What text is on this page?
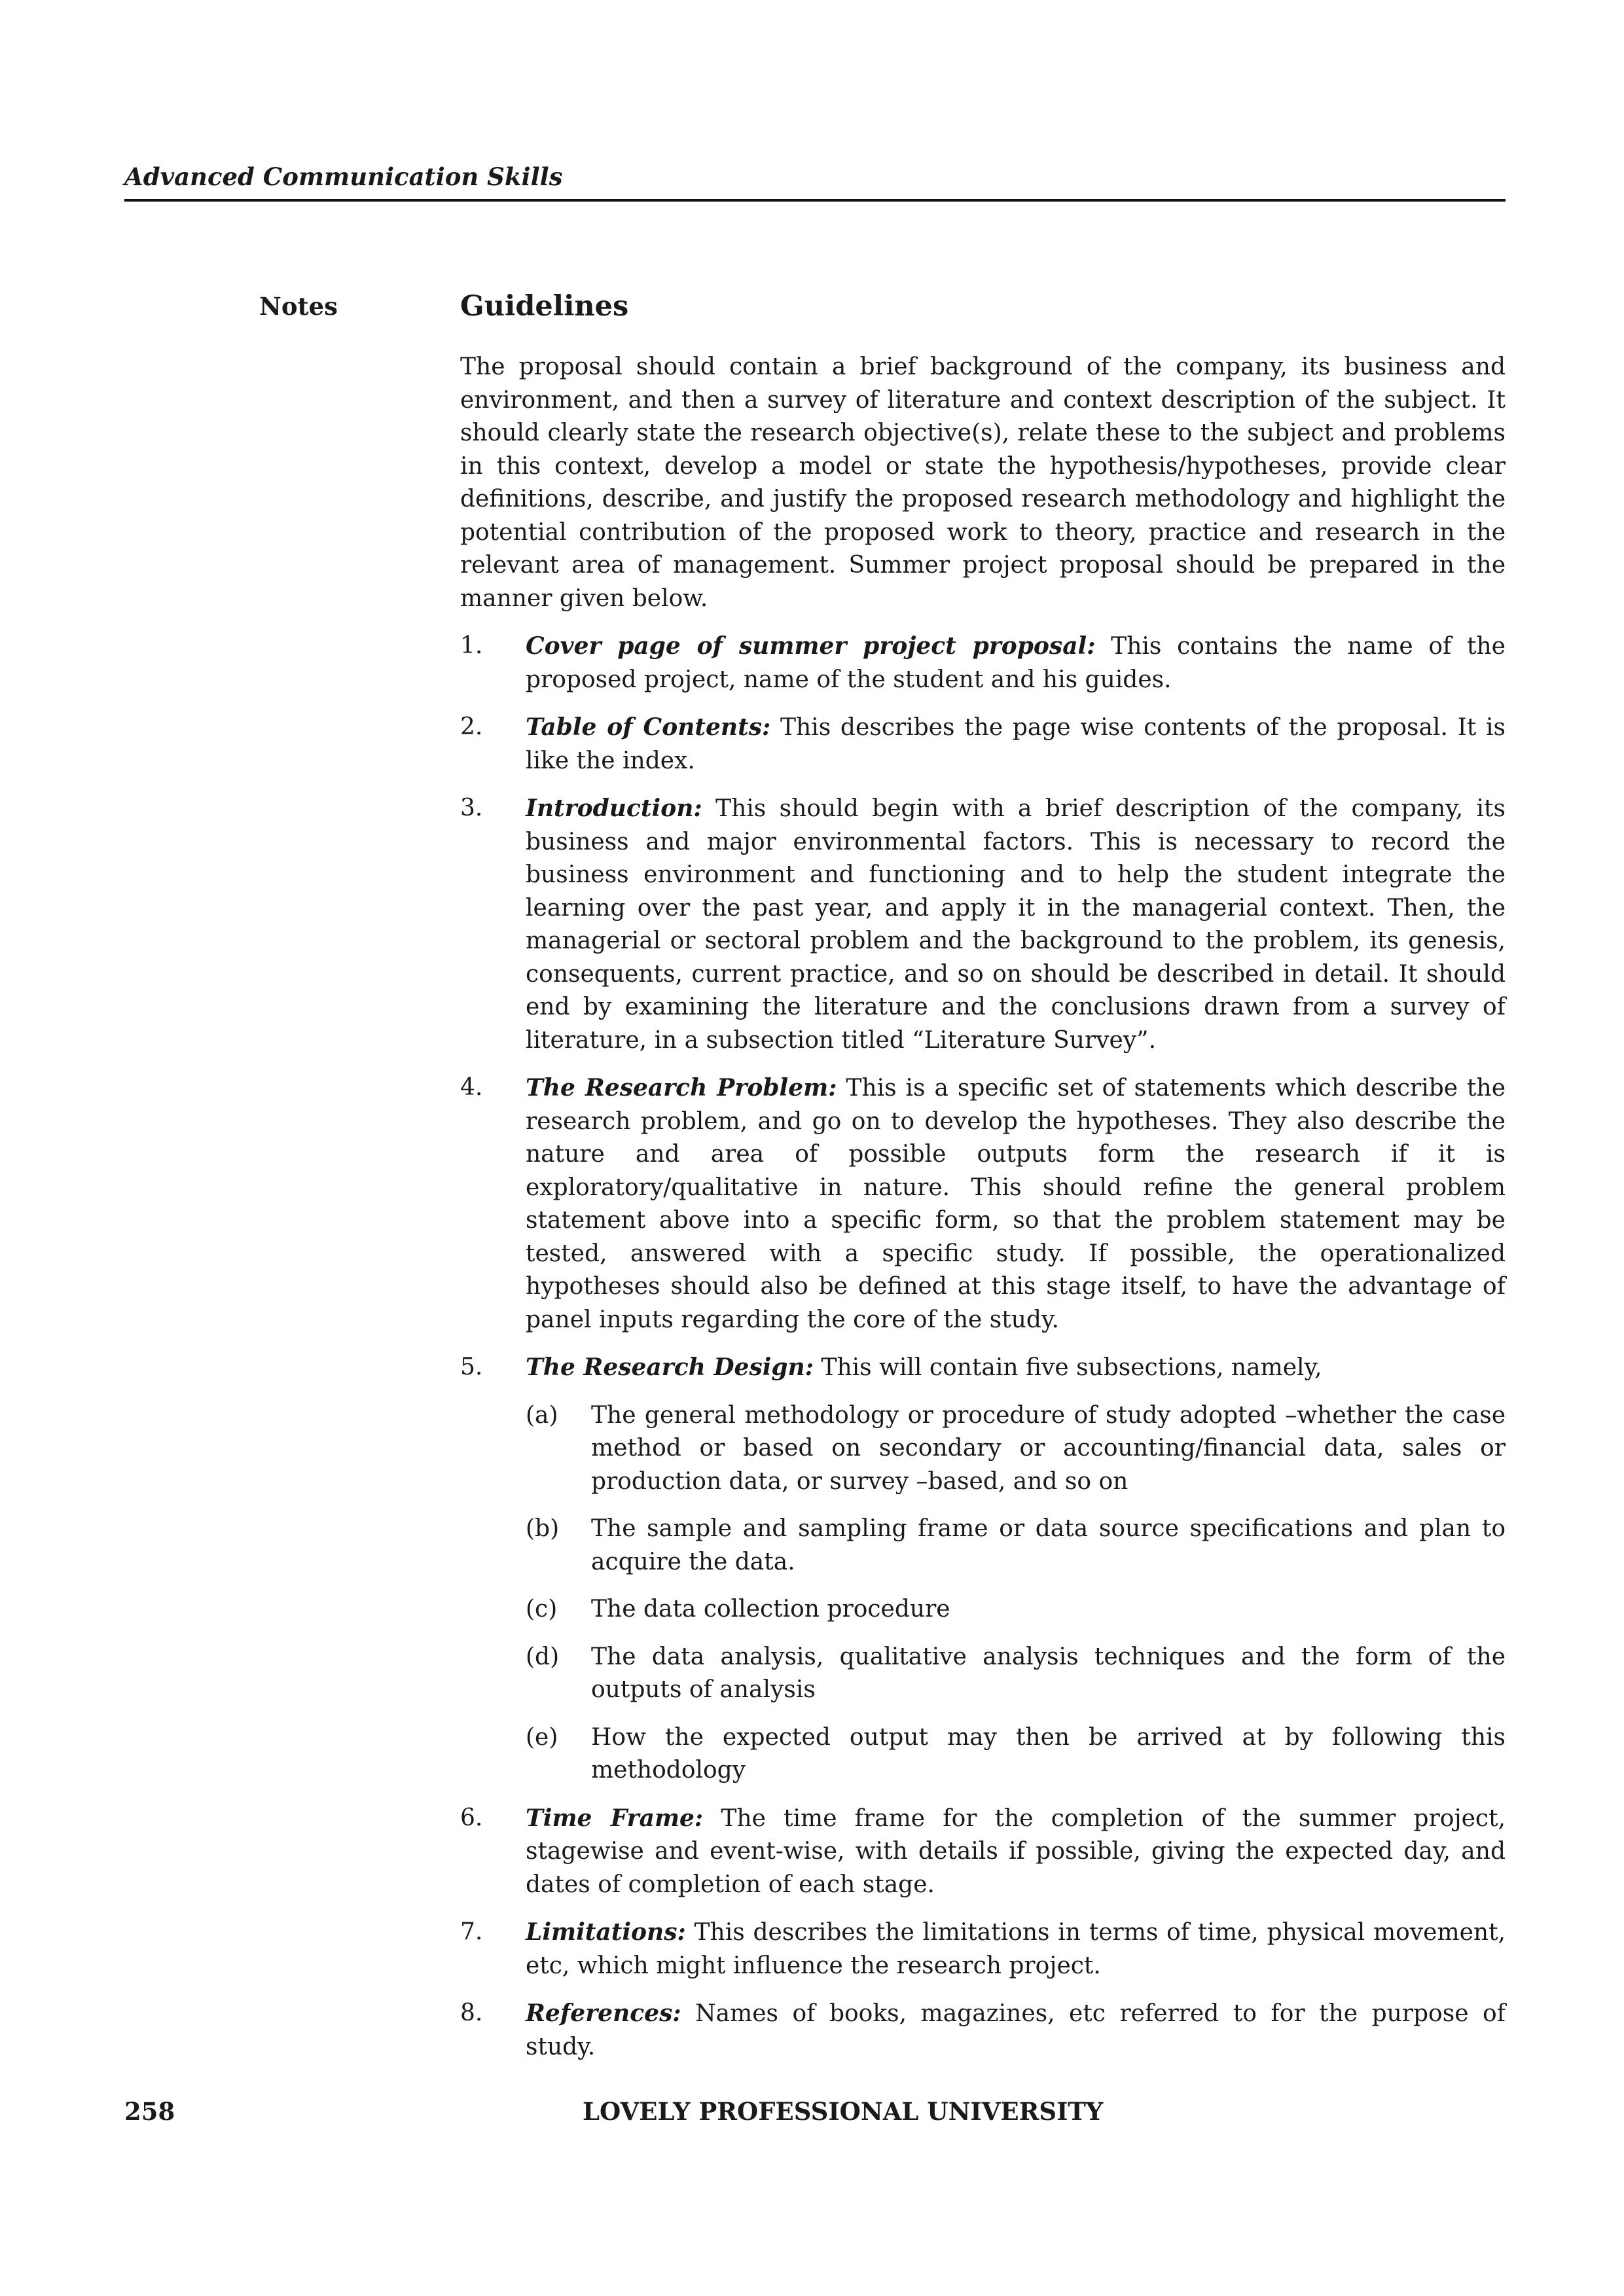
Advanced Communication Skills
Notes	Guidelines

The proposal should contain a brief background of the company, its business and environment, and then a survey of literature and context description of the subject. It should clearly state the research objective(s), relate these to the subject and problems in this context, develop a model or state the hypothesis/hypotheses, provide clear definitions, describe, and justify the proposed research methodology and highlight the potential contribution of the proposed work to theory, practice and research in the relevant area of management. Summer project proposal should be prepared in the manner given below.

1.	Cover page of summer project proposal: This contains the name of the proposed project, name of the student and his guides.
2.	Table of Contents: This describes the page wise contents of the proposal. It is like the index.
3.	Introduction: This should begin with a brief description of the company, its business and major environmental factors. This is necessary to record the business environment and functioning and to help the student integrate the learning over the past year, and apply it in the managerial context. Then, the managerial or sectoral problem and the background to the problem, its genesis, consequents, current practice, and so on should be described in detail. It should end by examining the literature and the conclusions drawn from a survey of literature, in a subsection titled “Literature Survey”.
4.	The Research Problem: This is a specific set of statements which describe the research problem, and go on to develop the hypotheses. They also describe the nature and area of possible outputs form the research if it is exploratory/qualitative in nature. This should refine the general problem statement above into a specific form, so that the problem statement may be tested, answered with a specific study. If possible, the operationalized hypotheses should also be defined at this stage itself, to have the advantage of panel inputs regarding the core of the study.
5.	The Research Design: This will contain five subsections, namely,
(a)	The general methodology or procedure of study adopted –whether the case method or based on secondary or accounting/financial data, sales or production data, or survey –based, and so on
(b)	The sample and sampling frame or data source specifications and plan to acquire the data.
(c)	The data collection procedure
(d)	The data analysis, qualitative analysis techniques and the form of the outputs of analysis
(e)	How the expected output may then be arrived at by following this methodology
6.	Time Frame: The time frame for the completion of the summer project, stagewise and event-wise, with details if possible, giving the expected day, and dates of completion of each stage.
7.	Limitations: This describes the limitations in terms of time, physical movement, etc, which might influence the research project.
8.	References: Names of books, magazines, etc referred to for the purpose of study.
258	LOVELY PROFESSIONAL UNIVERSITY
